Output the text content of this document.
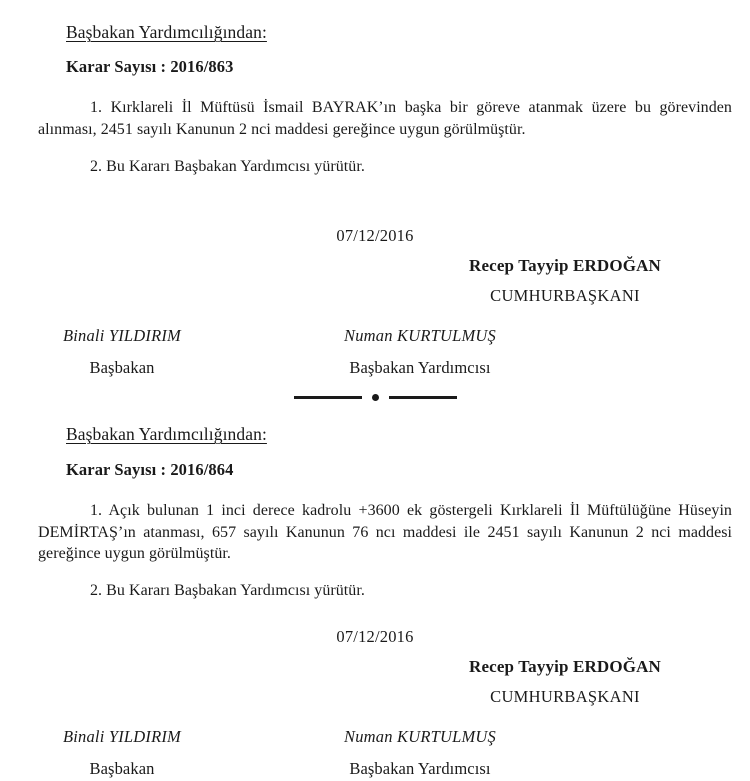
Başbakan Yardımcılığından:
Karar Sayısı : 2016/863
1. Kırklareli İl Müftüsü İsmail BAYRAK’ın başka bir göreve atanmak üzere bu görevinden alınması, 2451 sayılı Kanunun 2 nci maddesi gereğince uygun görülmüştür.
2. Bu Kararı Başbakan Yardımcısı yürütür.
07/12/2016
Recep Tayyip ERDOĞAN
CUMHURBAŞKANI
Binali YILDIRIM
Başbakan
Numan KURTULMUŞ
Başbakan Yardımcısı
Başbakan Yardımcılığından:
Karar Sayısı : 2016/864
1. Açık bulunan 1 inci derece kadrolu +3600 ek göstergeli Kırklareli İl Müftülüğüne Hüseyin DEMİRTAŞ’ın atanması, 657 sayılı Kanunun 76 ncı maddesi ile 2451 sayılı Kanunun 2 nci maddesi gereğince uygun görülmüştür.
2. Bu Kararı Başbakan Yardımcısı yürütür.
07/12/2016
Recep Tayyip ERDOĞAN
CUMHURBAŞKANI
Binali YILDIRIM
Başbakan
Numan KURTULMUŞ
Başbakan Yardımcısı
